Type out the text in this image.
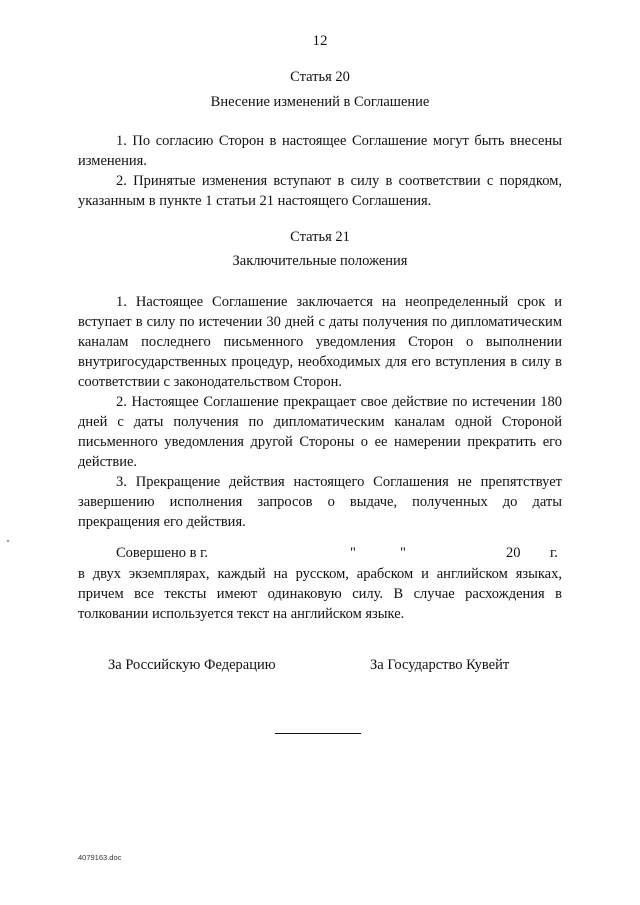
12
Статья 20
Внесение изменений в Соглашение

1. По согласию Сторон в настоящее Соглашение могут быть внесены изменения.

2. Принятые изменения вступают в силу в соответствии с порядком, указанным в пункте 1 статьи 21 настоящего Соглашения.

Статья 21
Заключительные положения

1. Настоящее Соглашение заключается на неопределенный срок и вступает в силу по истечении 30 дней с даты получения по дипломатическим каналам последнего письменного уведомления Сторон о выполнении внутригосударственных процедур, необходимых для его вступления в силу в соответствии с законодательством Сторон.

2. Настоящее Соглашение прекращает свое действие по истечении 180 дней с даты получения по дипломатическим каналам одной Стороной письменного уведомления другой Стороны о ее намерении прекратить его действие.

3. Прекращение действия настоящего Соглашения не препятствует завершению исполнения запросов о выдаче, полученных до даты прекращения его действия.

Совершено в г.	"	"	20 г.

в двух экземплярах, каждый на русском, арабском и английском языках, причем все тексты имеют одинаковую силу. В случае расхождения в толковании используется текст на английском языке.

За Российскую Федерацию	За Государство Кувейт
4079163.doc
